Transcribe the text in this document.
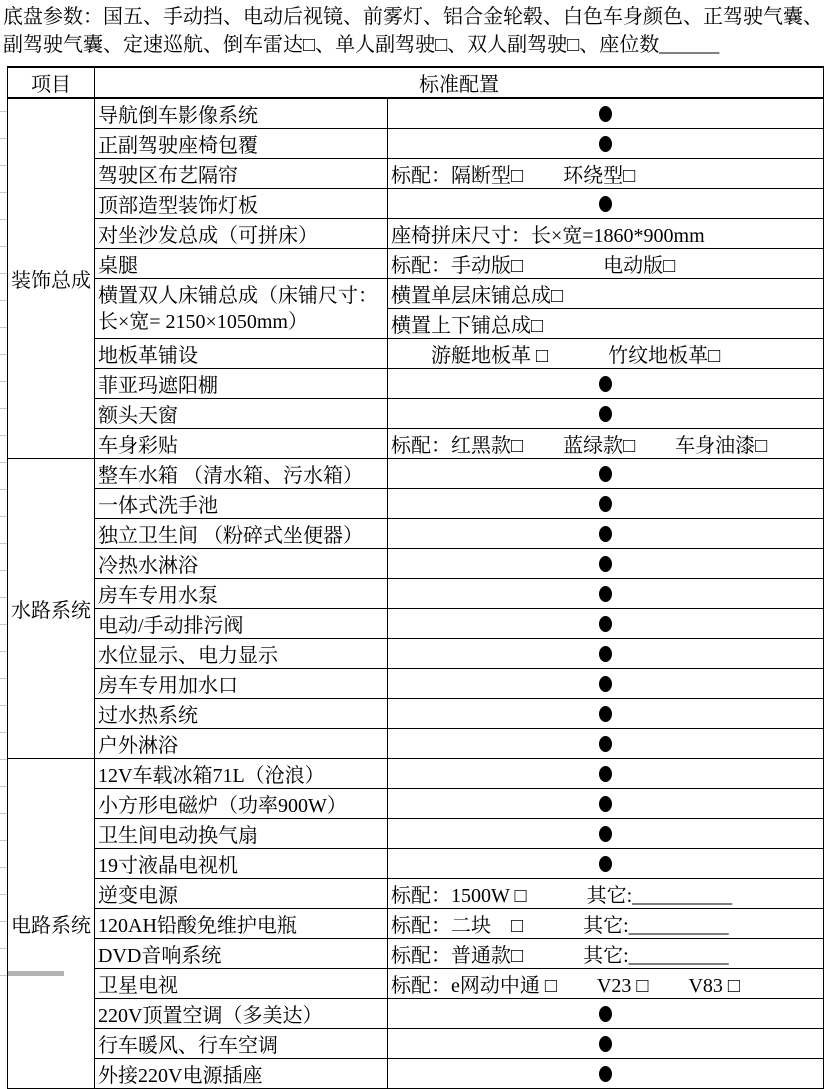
底盘参数：国五、手动挡、电动后视镜、前雾灯、铝合金轮毂、白色车身颜色、正驾驶气囊、副驾驶气囊、定速巡航、倒车雷达□、单人副驾驶□、双人副驾驶□、座位数______

项目	标准配置	
装饰总成	导航倒车影像系统	
	正副驾驶座椅包覆	
	驾驶区布艺隔帘	标配：隔断型□　　环绕型□
	顶部造型装饰灯板	
	对坐沙发总成（可拼床）	座椅拼床尺寸：长×宽=1860*900mm
	桌腿	标配：手动版□　　　　电动版□
	横置双人床铺总成（床铺尺寸：长×宽= 2150×1050mm）	横置单层床铺总成□
		横置上下铺总成□
	地板革铺设	　　游艇地板革 □　　　竹纹地板革□
	菲亚玛遮阳棚	
	额头天窗	
	车身彩贴	标配：红黑款□　　蓝绿款□　　车身油漆□
水路系统	整车水箱 （清水箱、污水箱）	
	一体式洗手池	
	独立卫生间 （粉碎式坐便器）	
	冷热水淋浴	
	房车专用水泵	
	电动/手动排污阀	
	水位显示、电力显示	
	房车专用加水口	
	过水热系统	
	户外淋浴	
电路系统	12V车载冰箱71L（沧浪）	
	小方形电磁炉（功率900W）	
	卫生间电动换气扇	
	19寸液晶电视机	
	逆变电源	标配：1500W □　　　其它:__________
	120AH铅酸免维护电瓶	标配：二块　□　　　其它:__________
	DVD音响系统	标配：普通款□　　　其它:__________
	卫星电视	标配：e网动中通 □　　V23 □　　V83 □
	220V顶置空调（多美达）	
	行车暖风、行车空调	
	外接220V电源插座	
